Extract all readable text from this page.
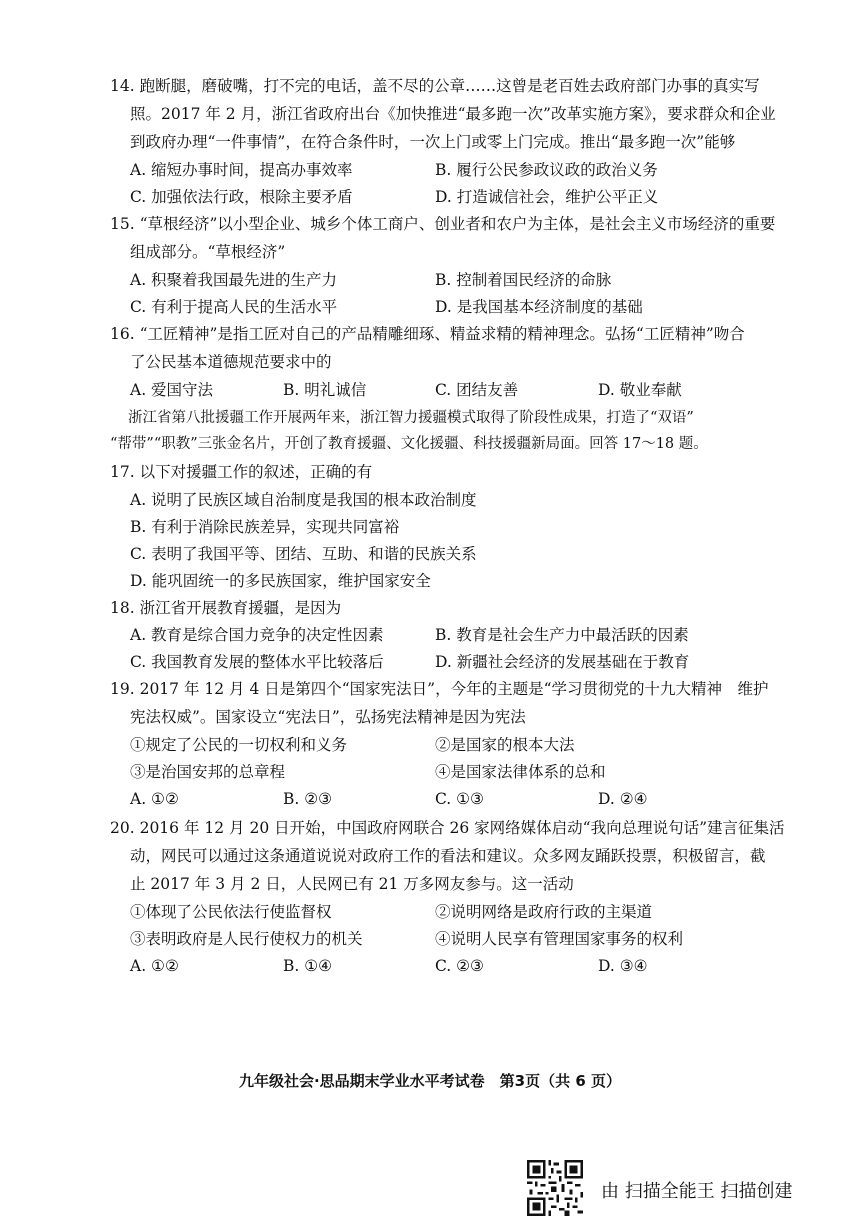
14. 跑断腿，磨破嘴，打不完的电话，盖不尽的公章……这曾是老百姓去政府部门办事的真实写
照。2017 年 2 月，浙江省政府出台《加快推进“最多跑一次”改革实施方案》，要求群众和企业
到政府办理“一件事情”，在符合条件时，一次上门或零上门完成。推出“最多跑一次”能够
A. 缩短办事时间，提高办事效率	B. 履行公民参政议政的政治义务
C. 加强依法行政，根除主要矛盾	D. 打造诚信社会，维护公平正义
15. “草根经济”以小型企业、城乡个体工商户、创业者和农户为主体，是社会主义市场经济的重要
组成部分。“草根经济”
A. 积聚着我国最先进的生产力	B. 控制着国民经济的命脉
C. 有利于提高人民的生活水平	D. 是我国基本经济制度的基础
16. “工匠精神”是指工匠对自己的产品精雕细琢、精益求精的精神理念。弘扬“工匠精神”吻合
了公民基本道德规范要求中的
A. 爱国守法	B. 明礼诚信	C. 团结友善	D. 敬业奉献
浙江省第八批援疆工作开展两年来，浙江智力援疆模式取得了阶段性成果，打造了“双语”
“帮带”“职教”三张金名片，开创了教育援疆、文化援疆、科技援疆新局面。回答 17～18 题。
17. 以下对援疆工作的叙述，正确的有
A. 说明了民族区域自治制度是我国的根本政治制度
B. 有利于消除民族差异，实现共同富裕
C. 表明了我国平等、团结、互助、和谐的民族关系
D. 能巩固统一的多民族国家，维护国家安全
18. 浙江省开展教育援疆，是因为
A. 教育是综合国力竞争的决定性因素	B. 教育是社会生产力中最活跃的因素
C. 我国教育发展的整体水平比较落后	D. 新疆社会经济的发展基础在于教育
19. 2017 年 12 月 4 日是第四个“国家宪法日”，今年的主题是“学习贯彻党的十九大精神　维护
宪法权威”。国家设立“宪法日”，弘扬宪法精神是因为宪法
①规定了公民的一切权利和义务	②是国家的根本大法
③是治国安邦的总章程	④是国家法律体系的总和
A. ①②	B. ②③	C. ①③	D. ②④
20. 2016 年 12 月 20 日开始，中国政府网联合 26 家网络媒体启动“我向总理说句话”建言征集活
动，网民可以通过这条通道说说对政府工作的看法和建议。众多网友踊跃投票，积极留言，截
止 2017 年 3 月 2 日，人民网已有 21 万多网友参与。这一活动
①体现了公民依法行使监督权	②说明网络是政府行政的主渠道
③表明政府是人民行使权力的机关	④说明人民享有管理国家事务的权利
A. ①②	B. ①④	C. ②③	D. ③④
九年级社会·思品期末学业水平考试卷　第3页（共 6 页）
由 扫描全能王 扫描创建
